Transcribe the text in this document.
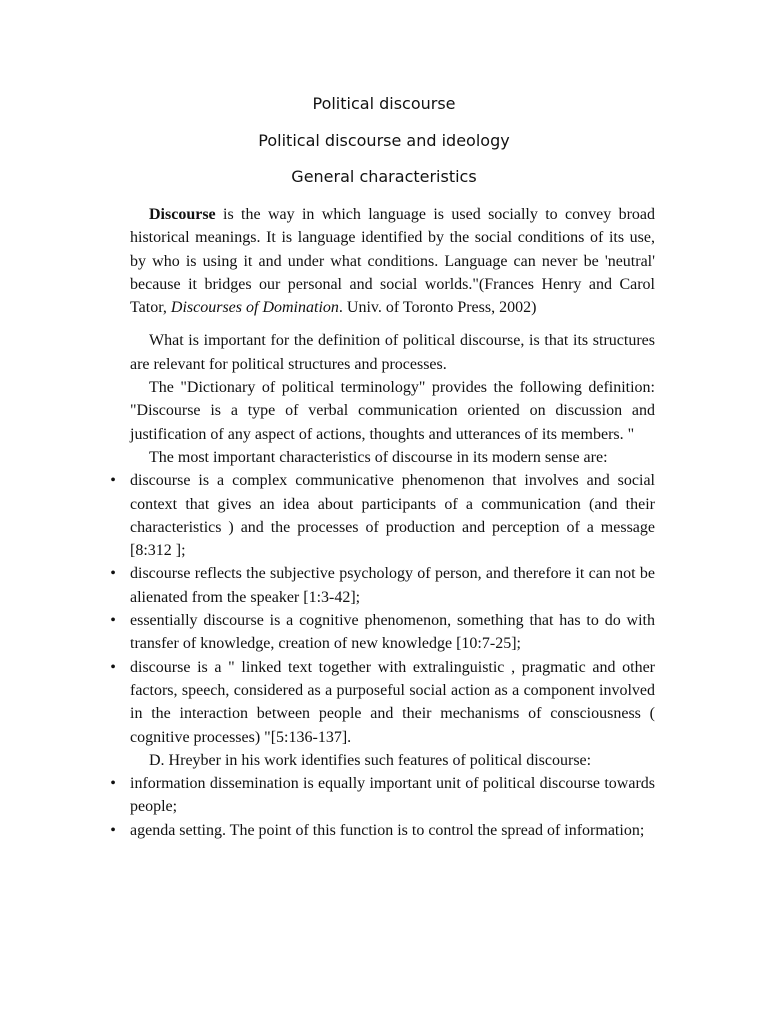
Political discourse
Political discourse and ideology
General characteristics

Discourse is the way in which language is used socially to convey broad historical meanings. It is language identified by the social conditions of its use, by who is using it and under what conditions. Language can never be 'neutral' because it bridges our personal and social worlds."(Frances Henry and Carol Tator, Discourses of Domination. Univ. of Toronto Press, 2002)

What is important for the definition of political discourse, is that its structures are relevant for political structures and processes.

The "Dictionary of political terminology" provides the following definition: "Discourse is a type of verbal communication oriented on discussion and justification of any aspect of actions, thoughts and utterances of its members. "

The most important characteristics of discourse in its modern sense are:

• discourse is a complex communicative phenomenon that involves and social context that gives an idea about participants of a communication (and their characteristics ) and the processes of production and perception of a message [8:312 ];
• discourse reflects the subjective psychology of person, and therefore it can not be alienated from the speaker [1:3-42];
• essentially discourse is a cognitive phenomenon, something that has to do with transfer of knowledge, creation of new knowledge [10:7-25];
• discourse is a " linked text together with extralinguistic , pragmatic and other factors, speech, considered as a purposeful social action as a component involved in the interaction between people and their mechanisms of consciousness ( cognitive processes) "[5:136-137].

D. Hreyber in his work identifies such features of political discourse:

• information dissemination is equally important unit of political discourse towards people;
• agenda setting. The point of this function is to control the spread of information;
